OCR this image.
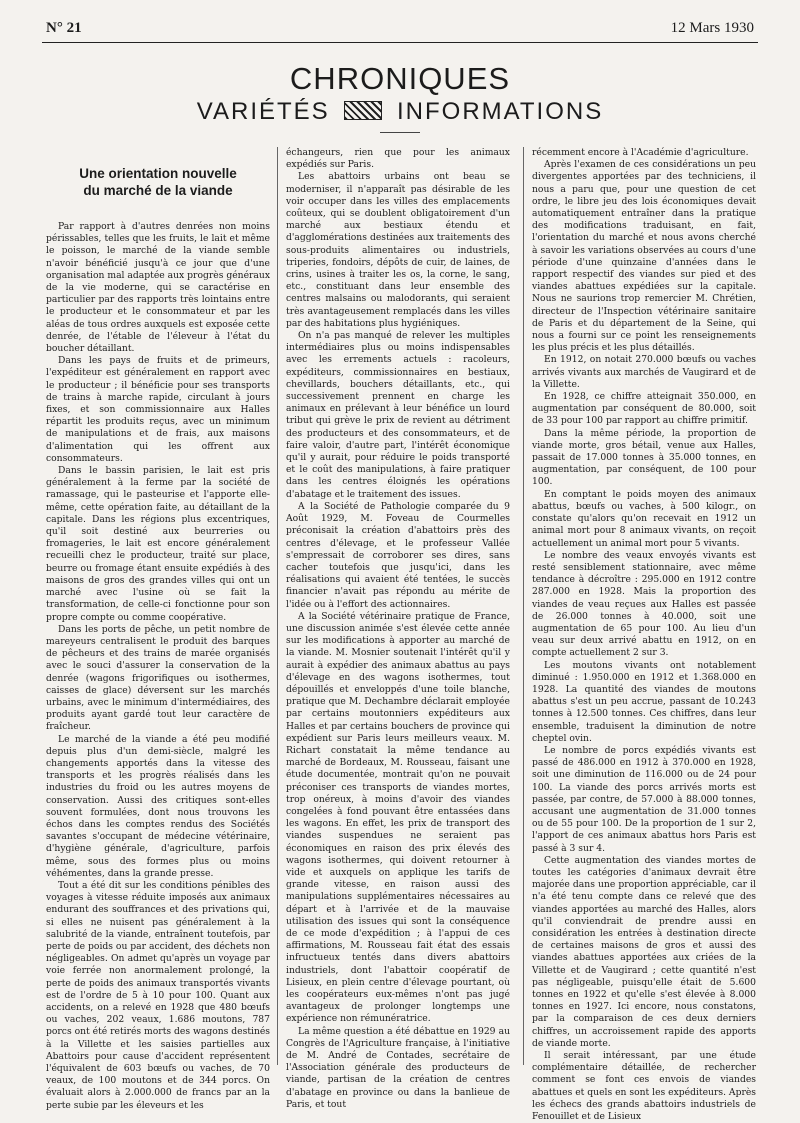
N° 21	12 Mars 1930
CHRONIQUES
VARIÉTÉS	INFORMATIONS
Une orientation nouvelle
du marché de la viande

Par rapport à d'autres denrées non moins périssables, telles que les fruits, le lait et même le poisson, le marché de la viande semble n'avoir bénéficié jusqu'à ce jour que d'une organisation mal adaptée aux progrès généraux de la vie moderne, qui se caractérise en particulier par des rapports très lointains entre le producteur et le consommateur et par les aléas de tous ordres auxquels est exposée cette denrée, de l'étable de l'éleveur à l'état du boucher détaillant.

Dans les pays de fruits et de primeurs, l'expéditeur est généralement en rapport avec le producteur ; il bénéficie pour ses transports de trains à marche rapide, circulant à jours fixes, et son commissionnaire aux Halles répartit les produits reçus, avec un minimum de manipulations et de frais, aux maisons d'alimentation qui les offrent aux consommateurs.

Dans le bassin parisien, le lait est pris généralement à la ferme par la société de ramassage, qui le pasteurise et l'apporte elle-même, cette opération faite, au détaillant de la capitale. Dans les régions plus excentriques, qu'il soit destiné aux beurreries ou fromageries, le lait est encore généralement recueilli chez le producteur, traité sur place, beurre ou fromage étant ensuite expédiés à des maisons de gros des grandes villes qui ont un marché avec l'usine où se fait la transformation, de celle-ci fonctionne pour son propre compte ou comme coopérative.

Dans les ports de pêche, un petit nombre de mareyeurs centralisent le produit des barques de pêcheurs et des trains de marée organisés avec le souci d'assurer la conservation de la denrée (wagons frigorifiques ou isothermes, caisses de glace) déversent sur les marchés urbains, avec le minimum d'intermédiaires, des produits ayant gardé tout leur caractère de fraîcheur.

Le marché de la viande a été peu modifié depuis plus d'un demi-siècle, malgré les changements apportés dans la vitesse des transports et les progrès réalisés dans les industries du froid ou les autres moyens de conservation. Aussi des critiques sont-elles souvent formulées, dont nous trouvons les échos dans les comptes rendus des Sociétés savantes s'occupant de médecine vétérinaire, d'hygiène générale, d'agriculture, parfois même, sous des formes plus ou moins véhémentes, dans la grande presse.

Tout a été dit sur les conditions pénibles des voyages à vitesse réduite imposés aux animaux endurant des souffrances et des privations qui, si elles ne nuisent pas généralement à la salubrité de la viande, entraînent toutefois, par perte de poids ou par accident, des déchets non négligeables. On admet qu'après un voyage par voie ferrée non anormalement prolongé, la perte de poids des animaux transportés vivants est de l'ordre de 5 à 10 pour 100. Quant aux accidents, on a relevé en 1928 que 480 bœufs ou vaches, 202 veaux, 1.686 moutons, 787 porcs ont été retirés morts des wagons destinés à la Villette et les saisies partielles aux Abattoirs pour cause d'accident représentent l'équivalent de 603 bœufs ou vaches, de 70 veaux, de 100 moutons et de 344 porcs. On évaluait alors à 2.000.000 de francs par an la perte subie par les éleveurs et les

échangeurs, rien que pour les animaux expédiés sur Paris.

Les abattoirs urbains ont beau se moderniser, il n'apparaît pas désirable de les voir occuper dans les villes des emplacements coûteux, qui se doublent obligatoirement d'un marché aux bestiaux étendu et d'agglomérations destinées aux traitements des sous-produits alimentaires ou industriels, triperies, fondoirs, dépôts de cuir, de laines, de crins, usines à traiter les os, la corne, le sang, etc., constituant dans leur ensemble des centres malsains ou malodorants, qui seraient très avantageusement remplacés dans les villes par des habitations plus hygiéniques.

On n'a pas manqué de relever les multiples intermédiaires plus ou moins indispensables avec les errements actuels : racoleurs, expéditeurs, commissionnaires en bestiaux, chevillards, bouchers détaillants, etc., qui successivement prennent en charge les animaux en prélevant à leur bénéfice un lourd tribut qui grève le prix de revient au détriment des producteurs et des consommateurs, et de faire valoir, d'autre part, l'intérêt économique qu'il y aurait, pour réduire le poids transporté et le coût des manipulations, à faire pratiquer dans les centres éloignés les opérations d'abatage et le traitement des issues.

A la Société de Pathologie comparée du 9 Août 1929, M. Foveau de Courmelles préconisait la création d'abattoirs près des centres d'élevage, et le professeur Vallée s'empressait de corroborer ses dires, sans cacher toutefois que jusqu'ici, dans les réalisations qui avaient été tentées, le succès financier n'avait pas répondu au mérite de l'idée ou à l'effort des actionnaires.

A la Société vétérinaire pratique de France, une discussion animée s'est élevée cette année sur les modifications à apporter au marché de la viande. M. Mosnier soutenait l'intérêt qu'il y aurait à expédier des animaux abattus au pays d'élevage en des wagons isothermes, tout dépouillés et enveloppés d'une toile blanche, pratique que M. Dechambre déclarait employée par certains moutonniers expéditeurs aux Halles et par certains bouchers de province qui expédient sur Paris leurs meilleurs veaux. M. Richart constatait la même tendance au marché de Bordeaux, M. Rousseau, faisant une étude documentée, montrait qu'on ne pouvait préconiser ces transports de viandes mortes, trop onéreux, à moins d'avoir des viandes congelées à fond pouvant être entassées dans les wagons. En effet, les prix de transport des viandes suspendues ne seraient pas économiques en raison des prix élevés des wagons isothermes, qui doivent retourner à vide et auxquels on applique les tarifs de grande vitesse, en raison aussi des manipulations supplémentaires nécessaires au départ et à l'arrivée et de la mauvaise utilisation des issues qui sont la conséquence de ce mode d'expédition ; à l'appui de ces affirmations, M. Rousseau fait état des essais infructueux tentés dans divers abattoirs industriels, dont l'abattoir coopératif de Lisieux, en plein centre d'élevage pourtant, où les coopérateurs eux-mêmes n'ont pas jugé avantageux de prolonger longtemps une expérience non rémunératrice.

La même question a été débattue en 1929 au Congrès de l'Agriculture française, à l'initiative de M. André de Contades, secrétaire de l'Association générale des producteurs de viande, partisan de la création de centres d'abatage en province ou dans la banlieue de Paris, et tout

récemment encore à l'Académie d'agriculture.

Après l'examen de ces considérations un peu divergentes apportées par des techniciens, il nous a paru que, pour une question de cet ordre, le libre jeu des lois économiques devait automatiquement entraîner dans la pratique des modifications traduisant, en fait, l'orientation du marché et nous avons cherché à savoir les variations observées au cours d'une période d'une quinzaine d'années dans le rapport respectif des viandes sur pied et des viandes abattues expédiées sur la capitale. Nous ne saurions trop remercier M. Chrétien, directeur de l'Inspection vétérinaire sanitaire de Paris et du département de la Seine, qui nous a fourni sur ce point les renseignements les plus précis et les plus détaillés.

En 1912, on notait 270.000 bœufs ou vaches arrivés vivants aux marchés de Vaugirard et de la Villette.

En 1928, ce chiffre atteignait 350.000, en augmentation par conséquent de 80.000, soit de 33 pour 100 par rapport au chiffre primitif.

Dans la même période, la proportion de viande morte, gros bétail, venue aux Halles, passait de 17.000 tonnes à 35.000 tonnes, en augmentation, par conséquent, de 100 pour 100.

En comptant le poids moyen des animaux abattus, bœufs ou vaches, à 500 kilogr., on constate qu'alors qu'on recevait en 1912 un animal mort pour 8 animaux vivants, on reçoit actuellement un animal mort pour 5 vivants.

Le nombre des veaux envoyés vivants est resté sensiblement stationnaire, avec même tendance à décroître : 295.000 en 1912 contre 287.000 en 1928. Mais la proportion des viandes de veau reçues aux Halles est passée de 26.000 tonnes à 40.000, soit une augmentation de 65 pour 100. Au lieu d'un veau sur deux arrivé abattu en 1912, on en compte actuellement 2 sur 3.

Les moutons vivants ont notablement diminué : 1.950.000 en 1912 et 1.368.000 en 1928. La quantité des viandes de moutons abattus s'est un peu accrue, passant de 10.243 tonnes à 12.500 tonnes. Ces chiffres, dans leur ensemble, traduisent la diminution de notre cheptel ovin.

Le nombre de porcs expédiés vivants est passé de 486.000 en 1912 à 370.000 en 1928, soit une diminution de 116.000 ou de 24 pour 100. La viande des porcs arrivés morts est passée, par contre, de 57.000 à 88.000 tonnes, accusant une augmentation de 31.000 tonnes ou de 55 pour 100. De la proportion de 1 sur 2, l'apport de ces animaux abattus hors Paris est passé à 3 sur 4.

Cette augmentation des viandes mortes de toutes les catégories d'animaux devrait être majorée dans une proportion appréciable, car il n'a été tenu compte dans ce relevé que des viandes apportées au marché des Halles, alors qu'il conviendrait de prendre aussi en considération les entrées à destination directe de certaines maisons de gros et aussi des viandes abattues apportées aux criées de la Villette et de Vaugirard ; cette quantité n'est pas négligeable, puisqu'elle était de 5.600 tonnes en 1922 et qu'elle s'est élevée à 8.000 tonnes en 1927. Ici encore, nous constatons, par la comparaison de ces deux derniers chiffres, un accroissement rapide des apports de viande morte.

Il serait intéressant, par une étude complémentaire détaillée, de rechercher comment se font ces envois de viandes abattues et quels en sont les expéditeurs. Après les échecs des grands abattoirs industriels de Fenouillet et de Lisieux
